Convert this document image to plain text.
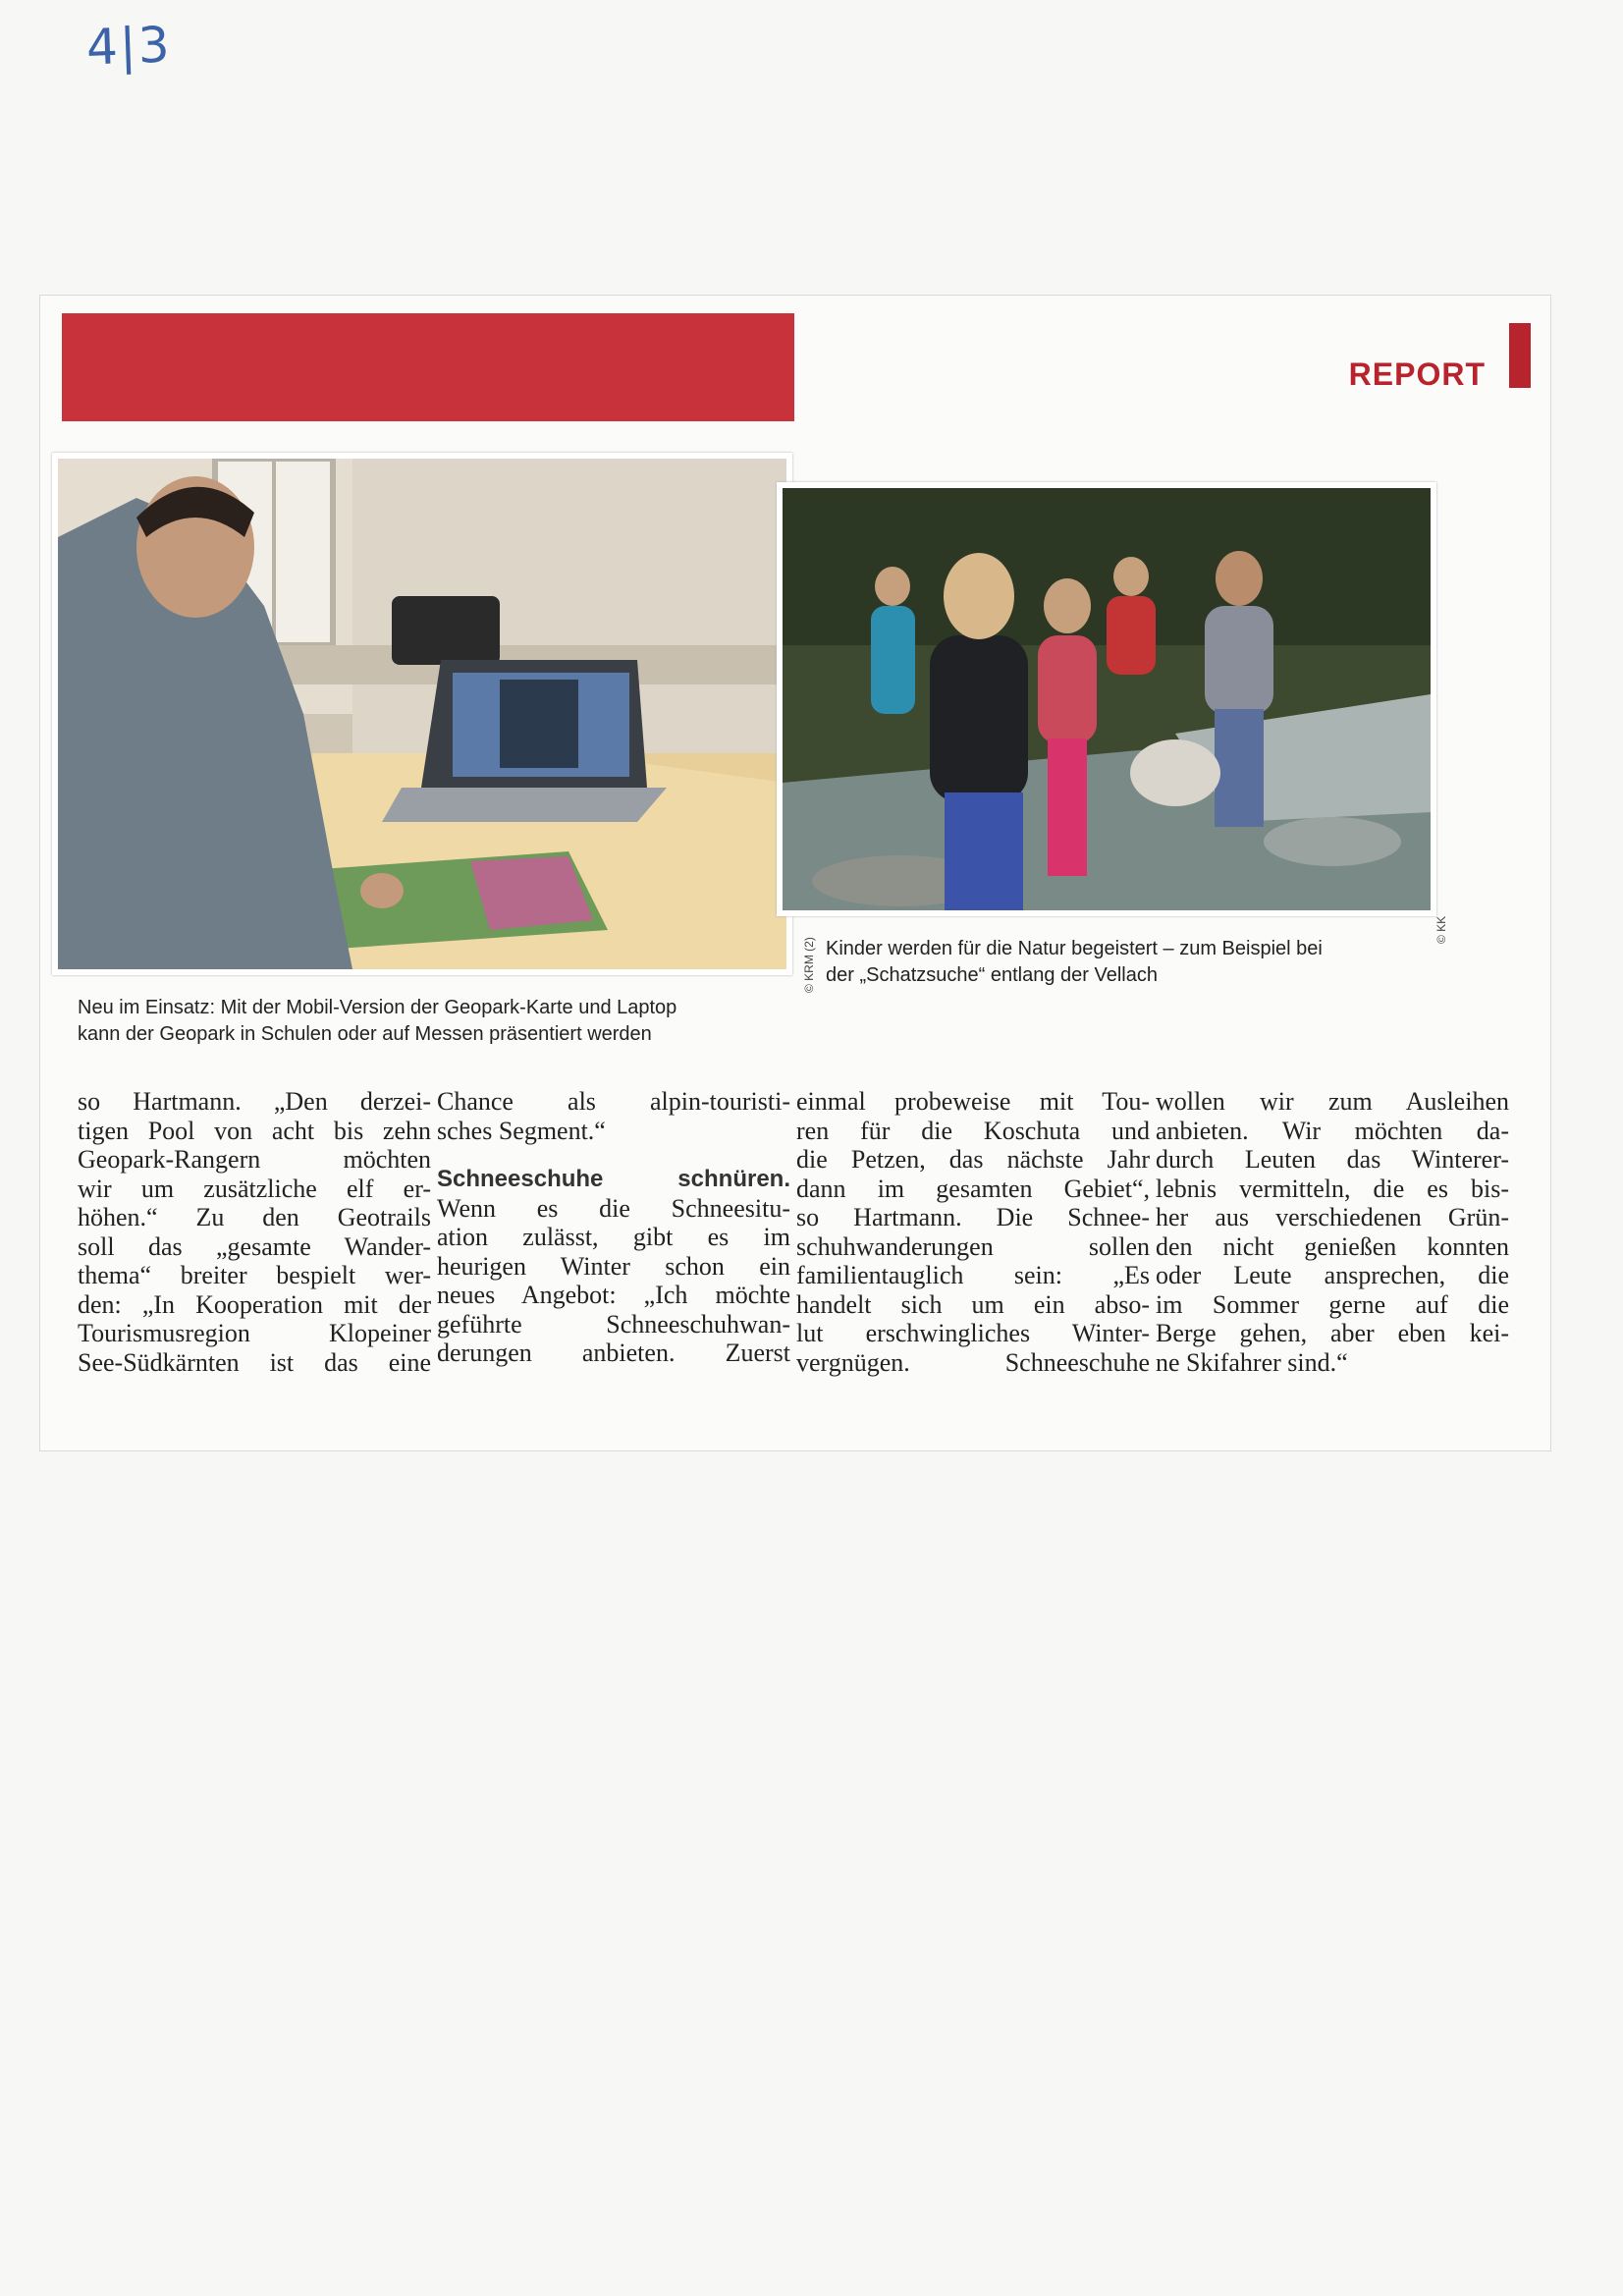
4|3
REPORT
© KRM (2)
© KK
Kinder werden für die Natur begeistert – zum Beispiel bei
der „Schatzsuche“ entlang der Vellach
Neu im Einsatz: Mit der Mobil-Version der Geopark-Karte und Laptop
kann der Geopark in Schulen oder auf Messen präsentiert werden
so Hartmann. „Den derzei-
tigen Pool von acht bis zehn
Geopark-Rangern möchten
wir um zusätzliche elf er-
höhen.“ Zu den Geotrails
soll das „gesamte Wander-
thema“ breiter bespielt wer-
den: „In Kooperation mit der
Tourismusregion Klopeiner
See-Südkärnten ist das eine
Chance als alpin-touristi-
sches Segment.“
Schneeschuhe schnüren.
Wenn es die Schneesitu-
ation zulässt, gibt es im
heurigen Winter schon ein
neues Angebot: „Ich möchte
geführte Schneeschuhwan-
derungen anbieten. Zuerst
einmal probeweise mit Tou-
ren für die Koschuta und
die Petzen, das nächste Jahr
dann im gesamten Gebiet“,
so Hartmann. Die Schnee-
schuhwanderungen sollen
familientauglich sein: „Es
handelt sich um ein abso-
lut erschwingliches Winter-
vergnügen. Schneeschuhe
wollen wir zum Ausleihen
anbieten. Wir möchten da-
durch Leuten das Winterer-
lebnis vermitteln, die es bis-
her aus verschiedenen Grün-
den nicht genießen konnten
oder Leute ansprechen, die
im Sommer gerne auf die
Berge gehen, aber eben kei-
ne Skifahrer sind.“
